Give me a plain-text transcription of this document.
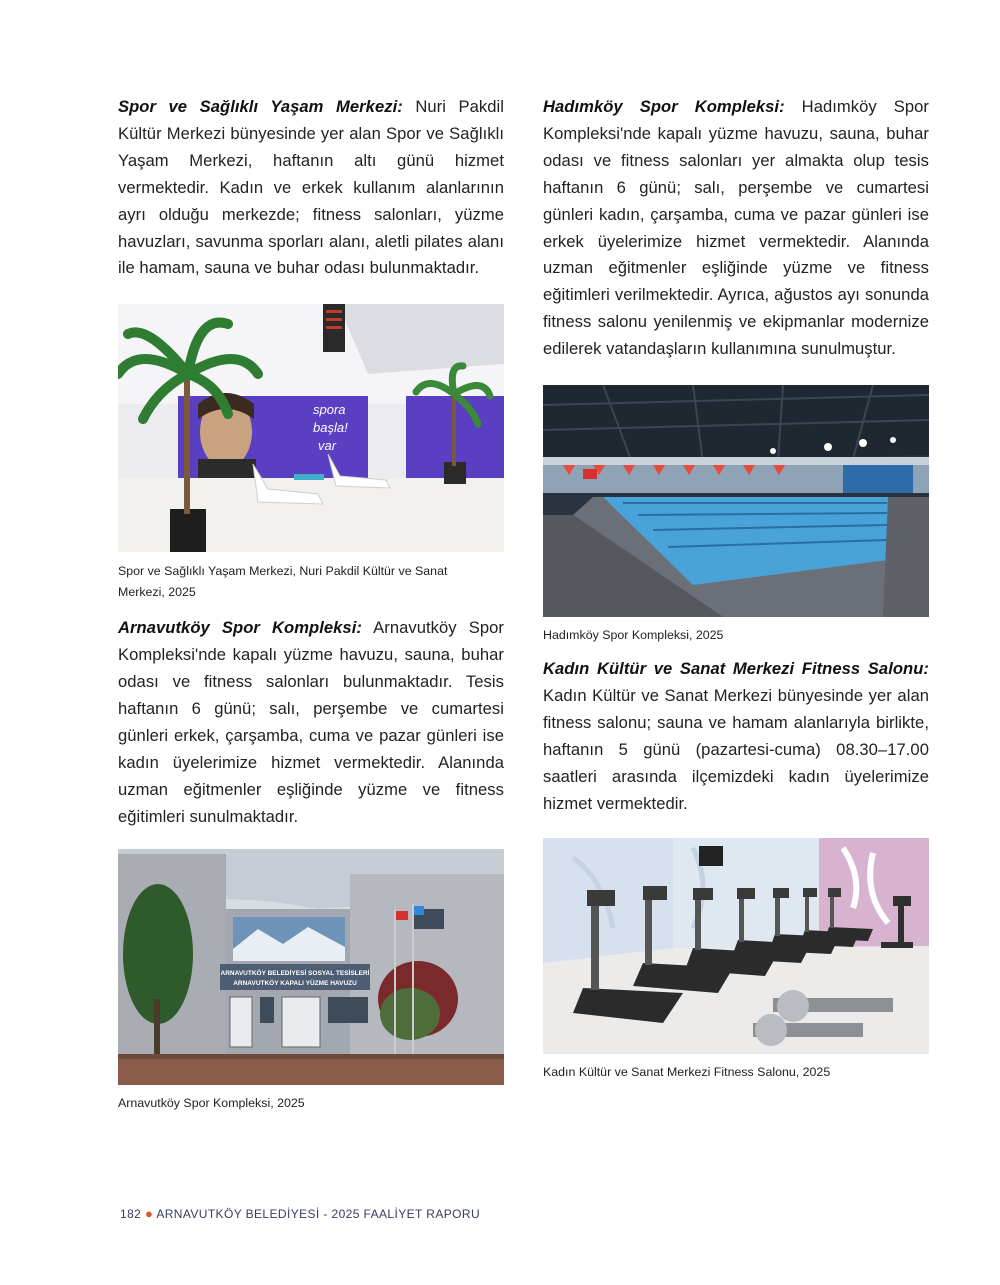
Spor ve Sağlıklı Yaşam Merkezi: Nuri Pakdil Kültür Merkezi bünyesinde yer alan Spor ve Sağlıklı Yaşam Merkezi, haftanın altı günü hizmet vermektedir. Kadın ve erkek kullanım alanlarının ayrı olduğu merkezde; fitness salonları, yüzme havuzları, savunma sporları alanı, aletli pilates alanı ile hamam, sauna ve buhar odası bulunmaktadır.

spora
başla!
var

Spor ve Sağlıklı Yaşam Merkezi, Nuri Pakdil Kültür ve Sanat Merkezi, 2025

Arnavutköy Spor Kompleksi: Arnavutköy Spor Kompleksi'nde kapalı yüzme havuzu, sauna, buhar odası ve fitness salonları bulunmaktadır. Tesis haftanın 6 günü; salı, perşembe ve cumartesi günleri erkek, çarşamba, cuma ve pazar günleri ise kadın üyelerimize hizmet vermektedir. Alanında uzman eğitmenler eşliğinde yüzme ve fitness eğitimleri sunulmaktadır.

ARNAVUTKÖY BELEDİYESİ SOSYAL TESİSLERİ
ARNAVUTKÖY KAPALI YÜZME HAVUZU

Arnavutköy Spor Kompleksi, 2025

Hadımköy Spor Kompleksi: Hadımköy Spor Kompleksi'nde kapalı yüzme havuzu, sauna, buhar odası ve fitness salonları yer almakta olup tesis haftanın 6 günü; salı, perşembe ve cumartesi günleri kadın, çarşamba, cuma ve pazar günleri ise erkek üyelerimize hizmet vermektedir. Alanında uzman eğitmenler eşliğinde yüzme ve fitness eğitimleri verilmektedir. Ayrıca, ağustos ayı sonunda fitness salonu yenilenmiş ve ekipmanlar modernize edilerek vatandaşların kullanımına sunulmuştur.

Hadımköy Spor Kompleksi, 2025

Kadın Kültür ve Sanat Merkezi Fitness Salonu: Kadın Kültür ve Sanat Merkezi bünyesinde yer alan fitness salonu; sauna ve hamam alanlarıyla birlikte, haftanın 5 günü (pazartesi-cuma) 08.30–17.00 saatleri arasında ilçemizdeki kadın üyelerimize hizmet vermektedir.

Kadın Kültür ve Sanat Merkezi Fitness Salonu, 2025

182 ● ARNAVUTKÖY BELEDİYESİ - 2025 FAALİYET RAPORU
